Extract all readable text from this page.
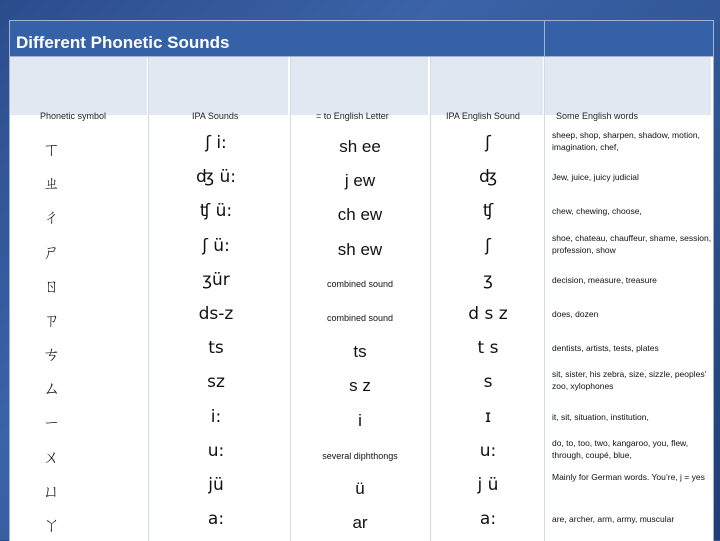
Different Phonetic Sounds
Phonetic symbol	IPA Sounds	= to English Letter	IPA English Sound	Some English words
ㄒ	ʃ i:	sh ee	ʃ	sheep, shop, sharpen, shadow, motion, imagination, chef,
ㄓ	ʤ ü:	j ew	ʤ	Jew, juice, juicy judicial
ㄔ	ʧ ü:	ch ew	ʧ	chew, chewing, choose,
ㄕ	ʃ ü:	sh ew	ʃ	shoe, chateau, chauffeur, shame, session, profession, show
ㄖ	ʒür	combined sound	ʒ	decision, measure, treasure
ㄗ	ds-z	combined sound	d s z	does, dozen
ㄘ	ts	ts	t s	dentists, artists, tests, plates
ㄙ	sz	s z	s	sit, sister, his zebra, size, sizzle, peoples’ zoo, xylophones
ㄧ	i:	i	ɪ	it, sit, situation, institution,
ㄨ	u:	several diphthongs	u:	do, to, too, two, kangaroo, you, flew, through, coupé, blue,
ㄩ	jü	ü	j ü	Mainly for German words. You’re, j = yes
ㄚ	a:	ar	a:	are, archer, arm, army, muscular
